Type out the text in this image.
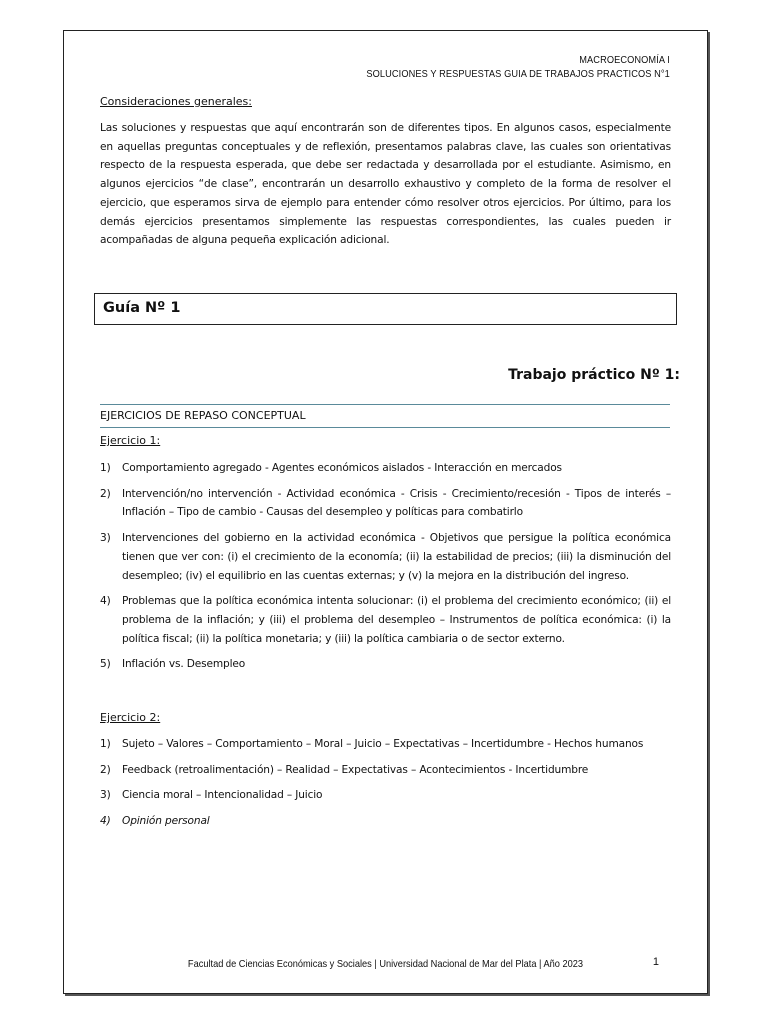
MACROECONOMÍA I
SOLUCIONES Y RESPUESTAS GUIA DE TRABAJOS PRACTICOS N°1
Consideraciones generales:
Las soluciones y respuestas que aquí encontrarán son de diferentes tipos. En algunos casos, especialmente en aquellas preguntas conceptuales y de reflexión, presentamos palabras clave, las cuales son orientativas respecto de la respuesta esperada, que debe ser redactada y desarrollada por el estudiante. Asimismo, en algunos ejercicios “de clase”, encontrarán un desarrollo exhaustivo y completo de la forma de resolver el ejercicio, que esperamos sirva de ejemplo para entender cómo resolver otros ejercicios. Por último, para los demás ejercicios presentamos simplemente las respuestas correspondientes, las cuales pueden ir acompañadas de alguna pequeña explicación adicional.
Guía Nº 1
Trabajo práctico Nº 1:
EJERCICIOS DE REPASO CONCEPTUAL
Ejercicio 1:
1) Comportamiento agregado - Agentes económicos aislados - Interacción en mercados
2) Intervención/no intervención - Actividad económica - Crisis - Crecimiento/recesión - Tipos de interés – Inflación – Tipo de cambio - Causas del desempleo y políticas para combatirlo
3) Intervenciones del gobierno en la actividad económica - Objetivos que persigue la política económica tienen que ver con: (i) el crecimiento de la economía; (ii) la estabilidad de precios; (iii) la disminución del desempleo; (iv) el equilibrio en las cuentas externas; y (v) la mejora en la distribución del ingreso.
4) Problemas que la política económica intenta solucionar: (i) el problema del crecimiento económico; (ii) el problema de la inflación; y (iii) el problema del desempleo – Instrumentos de política económica: (i) la política fiscal; (ii) la política monetaria; y (iii) la política cambiaria o de sector externo.
5) Inflación vs. Desempleo
Ejercicio 2:
1) Sujeto – Valores – Comportamiento – Moral – Juicio – Expectativas – Incertidumbre - Hechos humanos
2) Feedback (retroalimentación) – Realidad – Expectativas – Acontecimientos - Incertidumbre
3) Ciencia moral – Intencionalidad – Juicio
4) Opinión personal
Facultad de Ciencias Económicas y Sociales | Universidad Nacional de Mar del Plata | Año 2023	1
